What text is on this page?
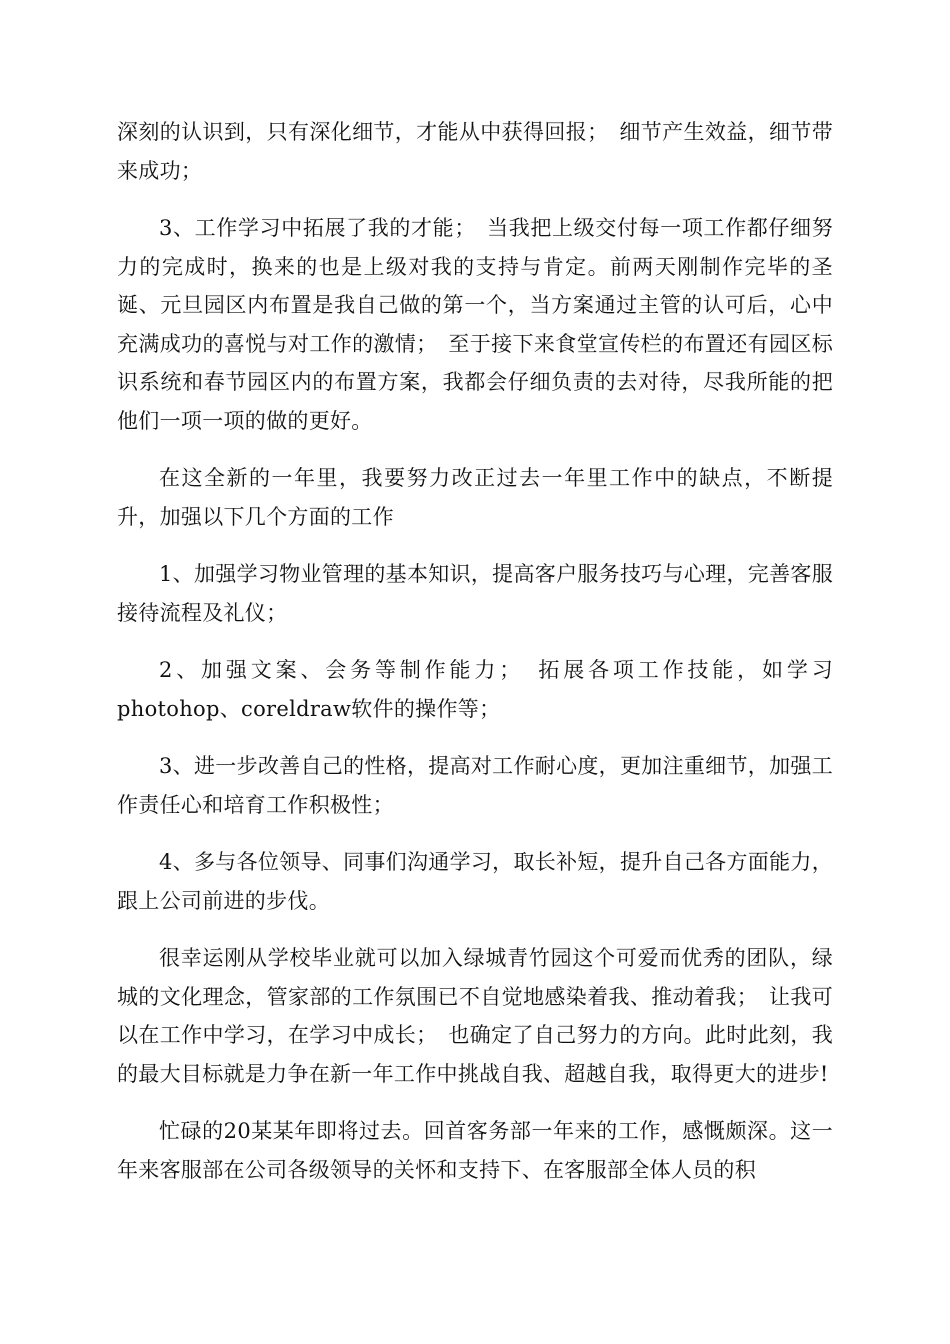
深刻的认识到，只有深化细节，才能从中获得回报；　细节产生效益，细节带来成功；

3、工作学习中拓展了我的才能；　当我把上级交付每一项工作都仔细努力的完成时，换来的也是上级对我的支持与肯定。前两天刚制作完毕的圣诞、元旦园区内布置是我自己做的第一个，当方案通过主管的认可后，心中充满成功的喜悦与对工作的激情；　至于接下来食堂宣传栏的布置还有园区标识系统和春节园区内的布置方案，我都会仔细负责的去对待，尽我所能的把他们一项一项的做的更好。

在这全新的一年里，我要努力改正过去一年里工作中的缺点，不断提升，加强以下几个方面的工作

1、加强学习物业管理的基本知识，提高客户服务技巧与心理，完善客服接待流程及礼仪；

2、加强文案、会务等制作能力；　拓展各项工作技能，如学习photohop、coreldraw软件的操作等；

3、进一步改善自己的性格，提高对工作耐心度，更加注重细节，加强工作责任心和培育工作积极性；

4、多与各位领导、同事们沟通学习，取长补短，提升自己各方面能力，跟上公司前进的步伐。

很幸运刚从学校毕业就可以加入绿城青竹园这个可爱而优秀的团队，绿城的文化理念，管家部的工作氛围已不自觉地感染着我、推动着我；　让我可以在工作中学习，在学习中成长；　也确定了自己努力的方向。此时此刻，我的最大目标就是力争在新一年工作中挑战自我、超越自我，取得更大的进步!

忙碌的20某某年即将过去。回首客务部一年来的工作，感慨颇深。这一年来客服部在公司各级领导的关怀和支持下、在客服部全体人员的积
